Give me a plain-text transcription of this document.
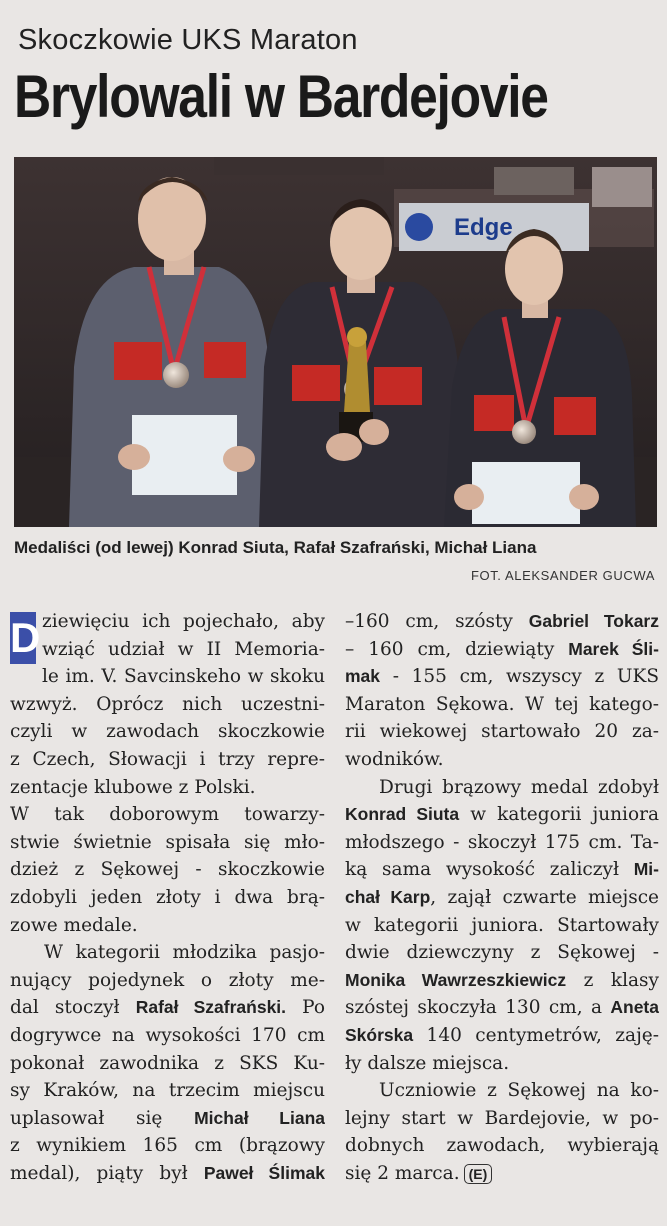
Skoczkowie UKS Maraton
Brylowali w Bardejovie
Edge
Medaliści (od lewej) Konrad Siuta, Rafał Szafrański, Michał Liana
FOT. ALEKSANDER GUCWA
D ziewięciu ich pojechało, aby
wziąć udział w II Memoria-
le im. V. Savcinskeho w skoku
wzwyż. Oprócz nich uczestni-
czyli w zawodach skoczkowie
z Czech, Słowacji i trzy repre-
zentacje klubowe z Polski.
W tak doborowym towarzy-
stwie świetnie spisała się mło-
dzież z Sękowej - skoczkowie
zdobyli jeden złoty i dwa brą-
zowe medale.
W kategorii młodzika pasjo-
nujący pojedynek o złoty me-
dal stoczył Rafał Szafrański. Po
dogrywce na wysokości 170 cm
pokonał zawodnika z SKS Ku-
sy Kraków, na trzecim miejscu
uplasował się Michał Liana
z wynikiem 165 cm (brązowy
medal), piąty był Paweł Ślimak
–160 cm, szósty Gabriel Tokarz
– 160 cm, dziewiąty Marek Śli-
mak - 155 cm, wszyscy z UKS
Maraton Sękowa. W tej katego-
rii wiekowej startowało 20 za-
wodników.
Drugi brązowy medal zdobył
Konrad Siuta w kategorii juniora
młodszego - skoczył 175 cm. Ta-
ką sama wysokość zaliczył Mi-
chał Karp, zajął czwarte miejsce
w kategorii juniora. Startowały
dwie dziewczyny z Sękowej -
Monika Wawrzeszkiewicz z klasy
szóstej skoczyła 130 cm, a Aneta
Skórska 140 centymetrów, zaję-
ły dalsze miejsca.
Uczniowie z Sękowej na ko-
lejny start w Bardejovie, w po-
dobnych zawodach, wybierają
się 2 marca. (E)
